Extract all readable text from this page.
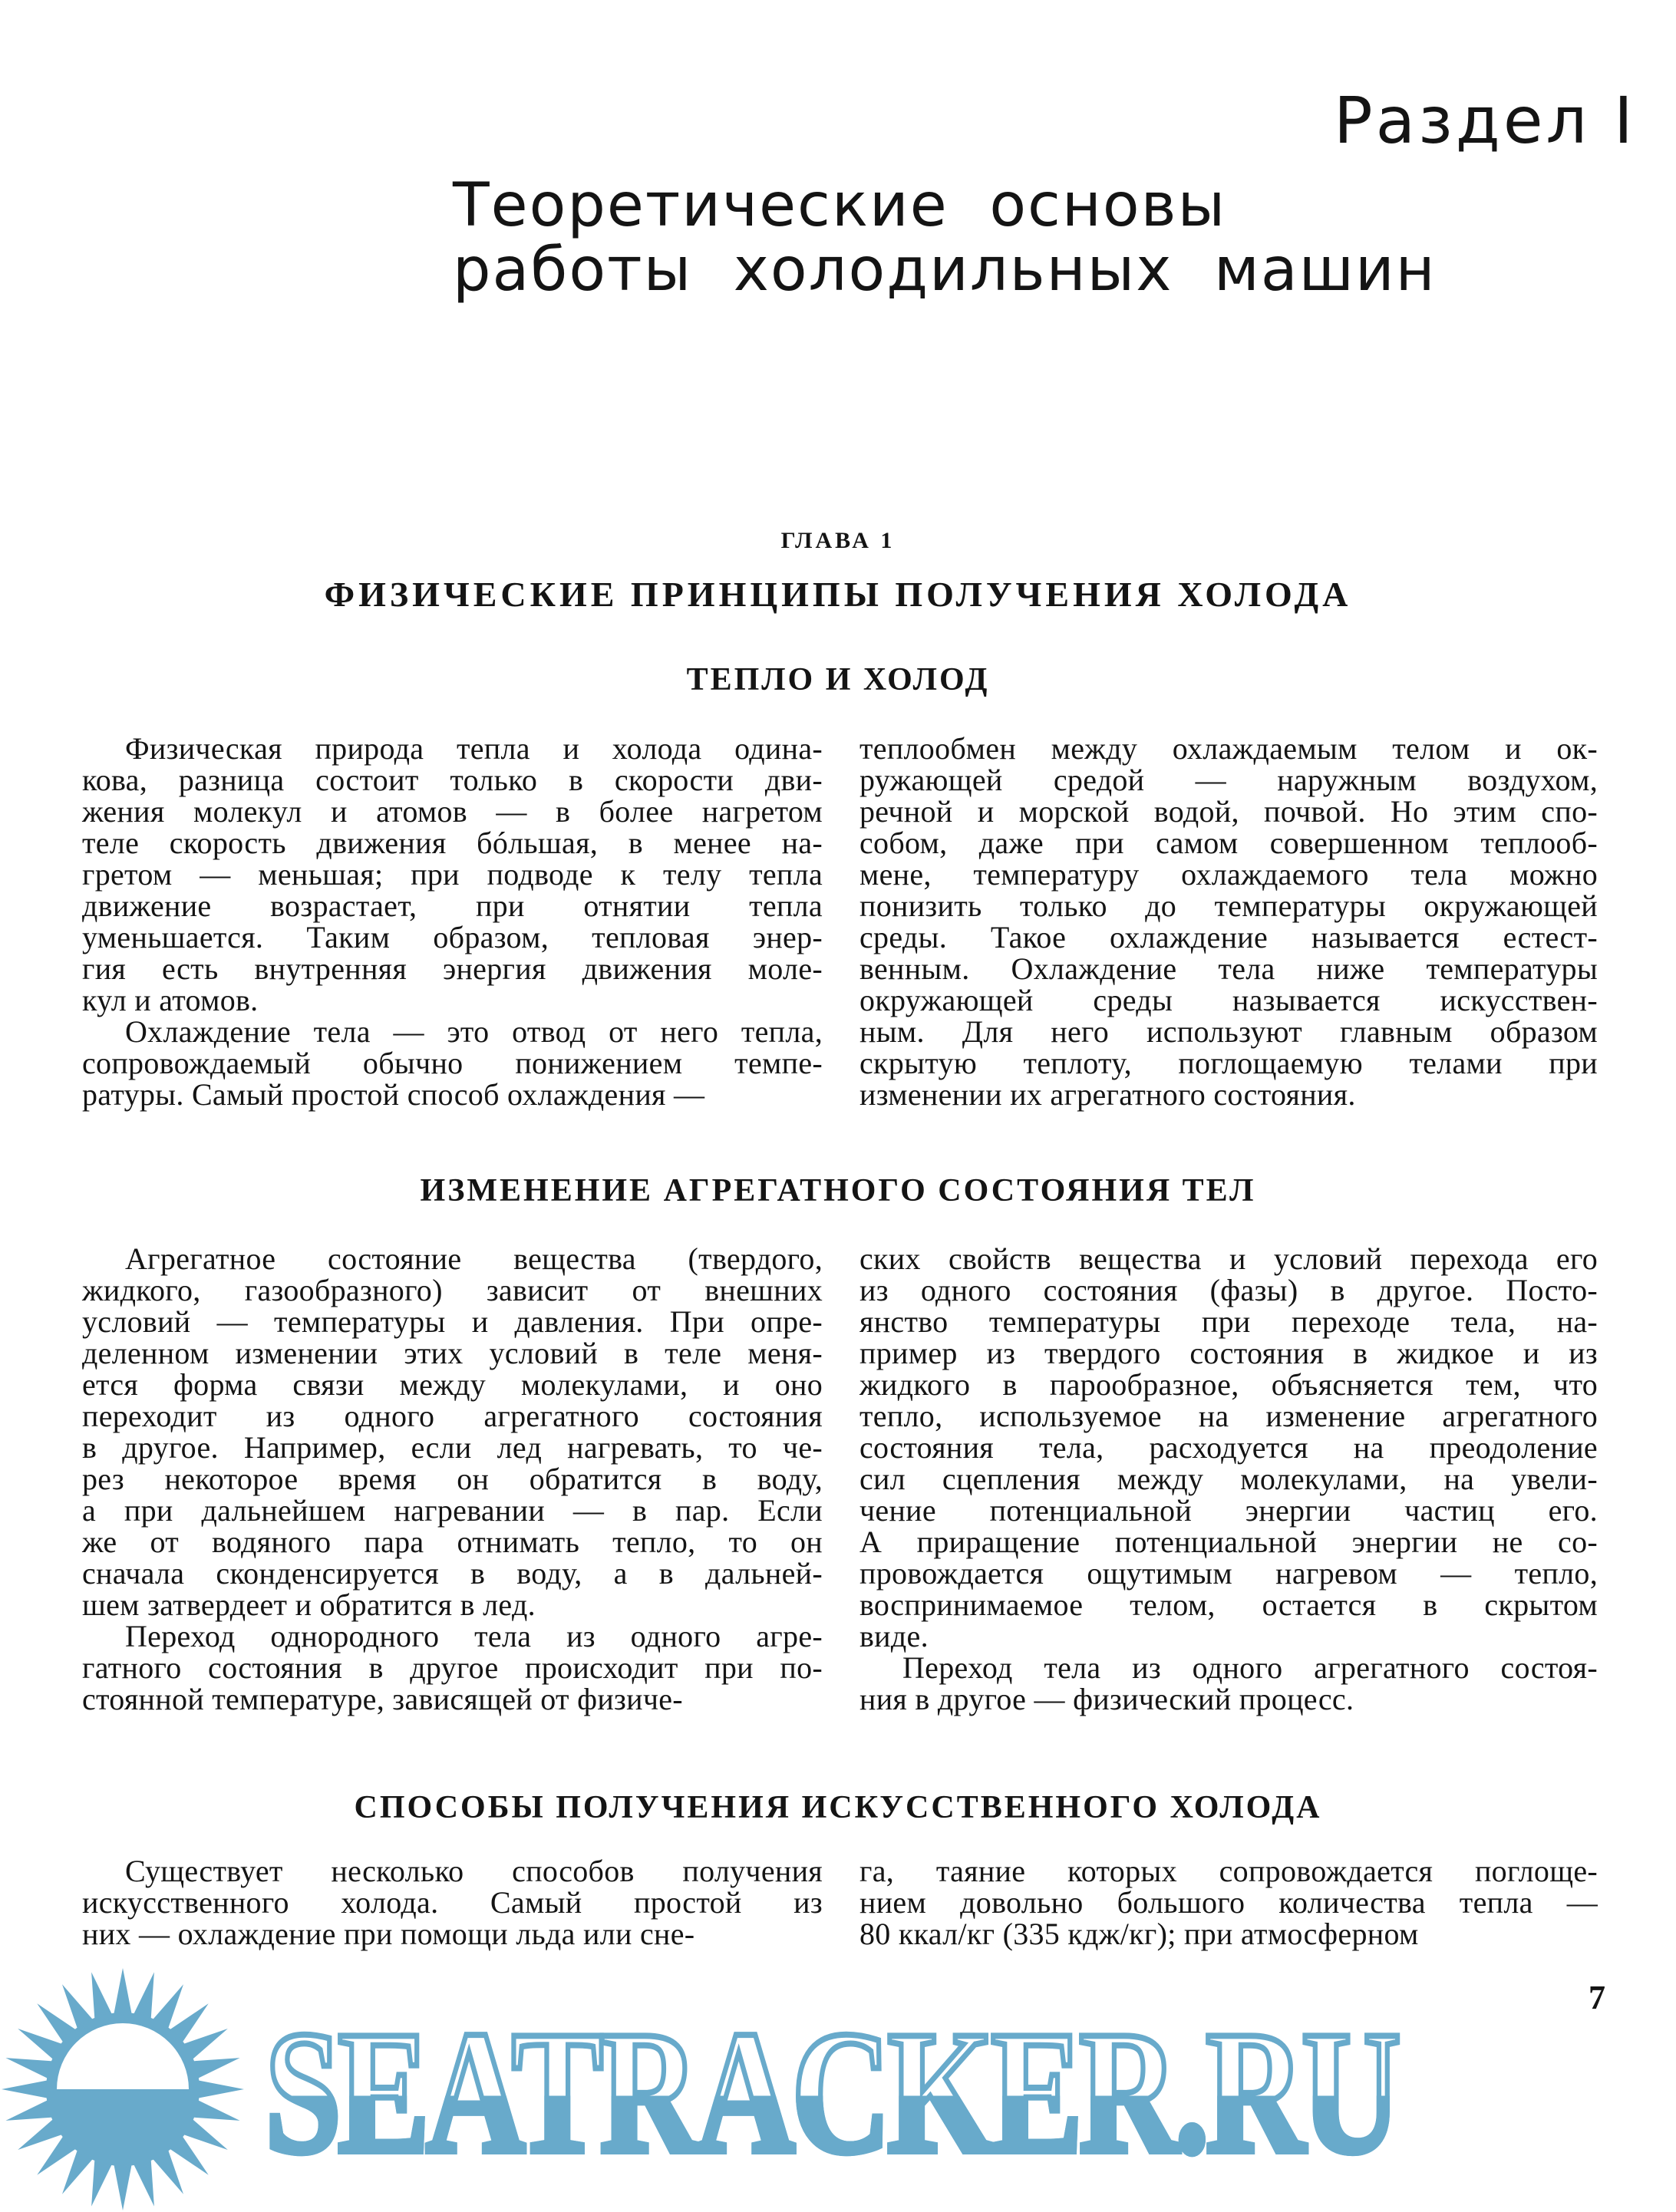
Раздел I
Теоретические  основы
работы  холодильных  машин
ГЛАВА 1
ФИЗИЧЕСКИЕ ПРИНЦИПЫ ПОЛУЧЕНИЯ ХОЛОДА
ТЕПЛО И ХОЛОД
Физическая природа тепла и холода одина-
кова, разница состоит только в скорости дви-
жения молекул и атомов — в более нагретом
теле скорость движения бóльшая, в менее на-
гретом — меньшая; при подводе к телу тепла
движение возрастает, при отнятии тепла
уменьшается. Таким образом, тепловая энер-
гия есть внутренняя энергия движения моле-
кул и атомов.
Охлаждение тела — это отвод от него тепла,
сопровождаемый обычно понижением темпе-
ратуры. Самый простой способ охлаждения —
теплообмен между охлаждаемым телом и ок-
ружающей средой — наружным воздухом,
речной и морской водой, почвой. Но этим спо-
собом, даже при самом совершенном теплооб-
мене, температуру охлаждаемого тела можно
понизить только до температуры окружающей
среды. Такое охлаждение называется естест-
венным. Охлаждение тела ниже температуры
окружающей среды называется искусствен-
ным. Для него используют главным образом
скрытую теплоту, поглощаемую телами при
изменении их агрегатного состояния.
ИЗМЕНЕНИЕ АГРЕГАТНОГО СОСТОЯНИЯ ТЕЛ
Агрегатное состояние вещества (твердого,
жидкого, газообразного) зависит от внешних
условий — температуры и давления. При опре-
деленном изменении этих условий в теле меня-
ется форма связи между молекулами, и оно
переходит из одного агрегатного состояния
в другое. Например, если лед нагревать, то че-
рез некоторое время он обратится в воду,
а при дальнейшем нагревании — в пар. Если
же от водяного пара отнимать тепло, то он
сначала сконденсируется в воду, а в дальней-
шем затвердеет и обратится в лед.
Переход однородного тела из одного агре-
гатного состояния в другое происходит при по-
стоянной температуре, зависящей от физиче-
ских свойств вещества и условий перехода его
из одного состояния (фазы) в другое. Посто-
янство температуры при переходе тела, на-
пример из твердого состояния в жидкое и из
жидкого в парообразное, объясняется тем, что
тепло, используемое на изменение агрегатного
состояния тела, расходуется на преодоление
сил сцепления между молекулами, на увели-
чение потенциальной энергии частиц его.
А приращение потенциальной энергии не со-
провождается ощутимым нагревом — тепло,
воспринимаемое телом, остается в скрытом
виде.
Переход тела из одного агрегатного состоя-
ния в другое — физический процесс.
СПОСОБЫ ПОЛУЧЕНИЯ ИСКУССТВЕННОГО ХОЛОДА
Существует несколько способов получения
искусственного холода. Самый простой из
них — охлаждение при помощи льда или сне-
га, таяние которых сопровождается поглоще-
нием довольно большого количества тепла —
80 ккал/кг (335 кдж/кг); при атмосферном
7
SEATRACKER.RU
